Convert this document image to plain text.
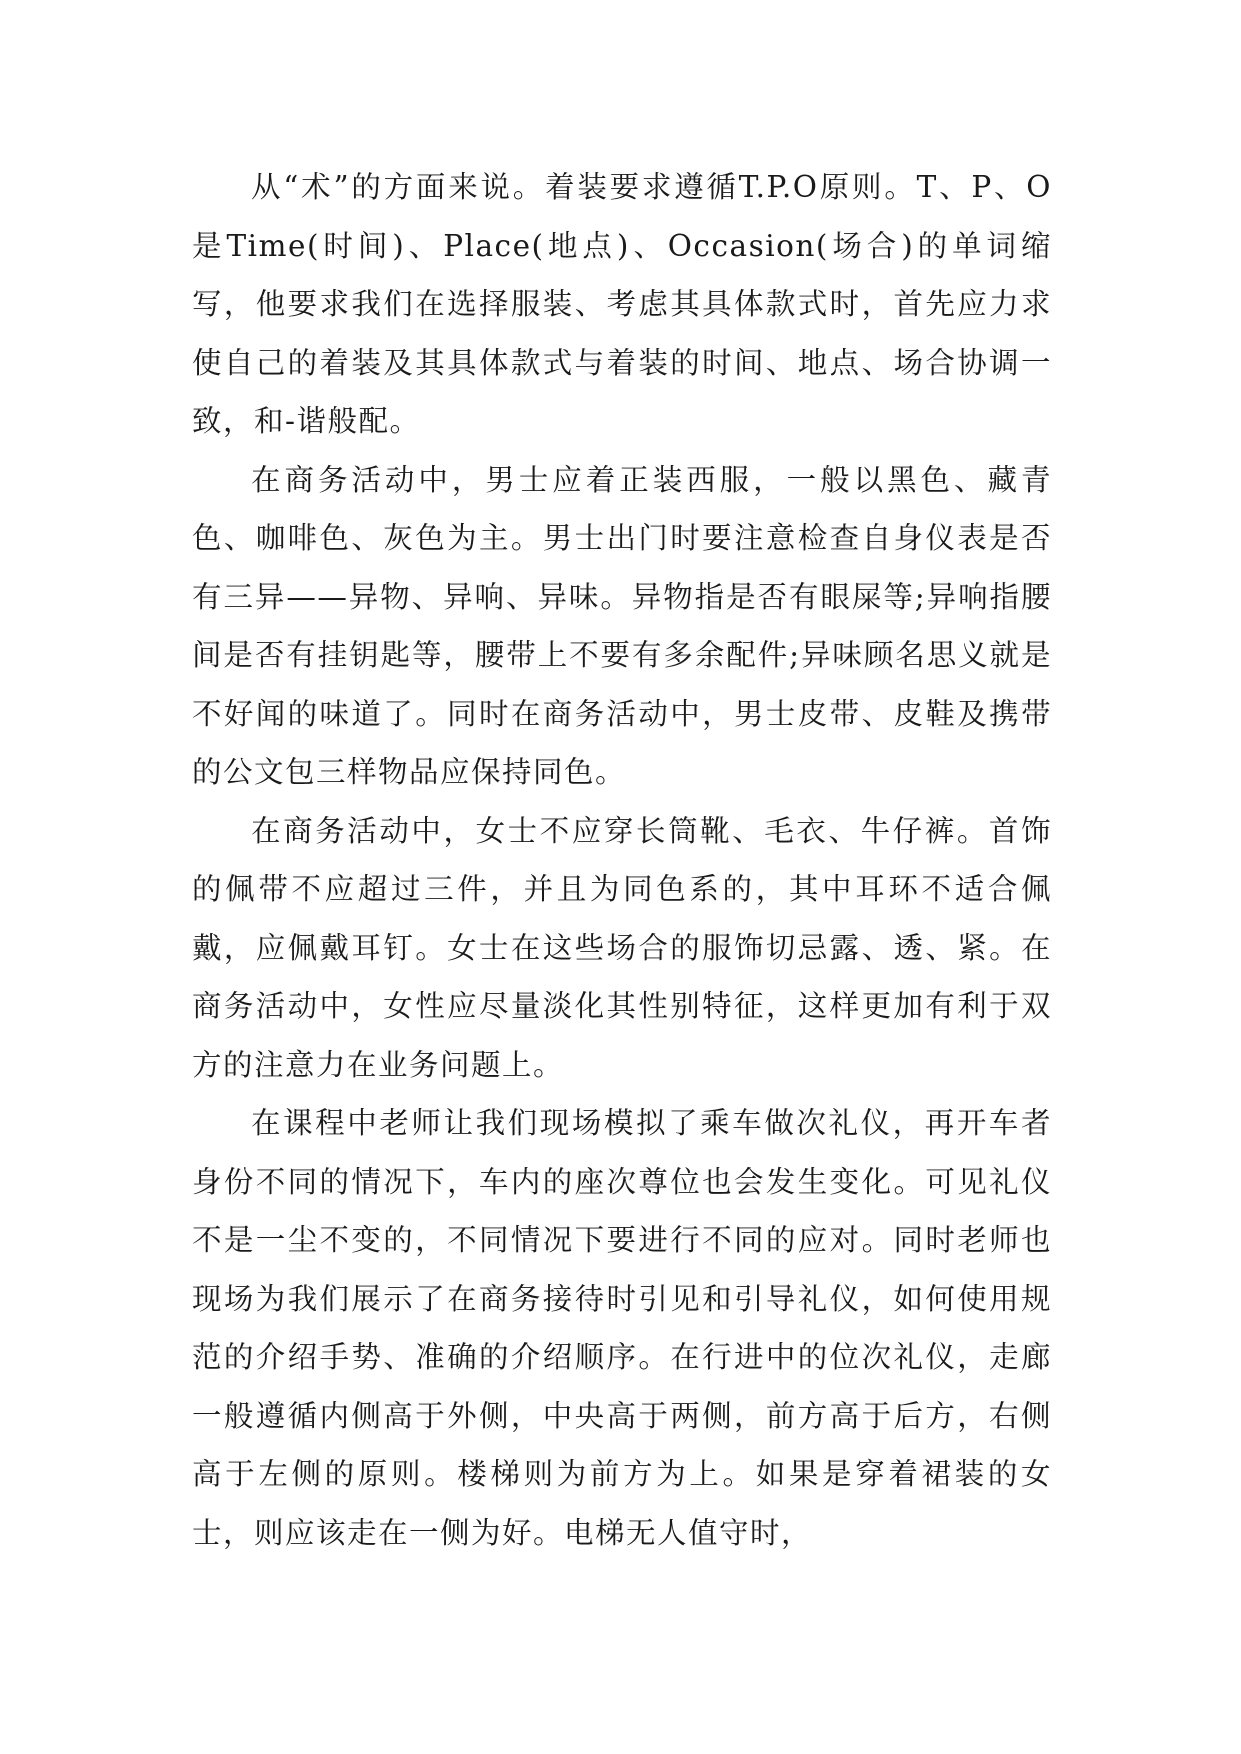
从“术”的方面来说。着装要求遵循T.P.O原则。T、P、O是Time(时间)、Place(地点)、Occasion(场合)的单词缩写，他要求我们在选择服装、考虑其具体款式时，首先应力求使自己的着装及其具体款式与着装的时间、地点、场合协调一致，和-谐般配。

在商务活动中，男士应着正装西服，一般以黑色、藏青色、咖啡色、灰色为主。男士出门时要注意检查自身仪表是否有三异——异物、异响、异味。异物指是否有眼屎等;异响指腰间是否有挂钥匙等，腰带上不要有多余配件;异味顾名思义就是不好闻的味道了。同时在商务活动中，男士皮带、皮鞋及携带的公文包三样物品应保持同色。

在商务活动中，女士不应穿长筒靴、毛衣、牛仔裤。首饰的佩带不应超过三件，并且为同色系的，其中耳环不适合佩戴，应佩戴耳钉。女士在这些场合的服饰切忌露、透、紧。在商务活动中，女性应尽量淡化其性别特征，这样更加有利于双方的注意力在业务问题上。

在课程中老师让我们现场模拟了乘车做次礼仪，再开车者身份不同的情况下，车内的座次尊位也会发生变化。可见礼仪不是一尘不变的，不同情况下要进行不同的应对。同时老师也现场为我们展示了在商务接待时引见和引导礼仪，如何使用规范的介绍手势、准确的介绍顺序。在行进中的位次礼仪，走廊一般遵循内侧高于外侧，中央高于两侧，前方高于后方，右侧高于左侧的原则。楼梯则为前方为上。如果是穿着裙装的女士，则应该走在一侧为好。电梯无人值守时，
